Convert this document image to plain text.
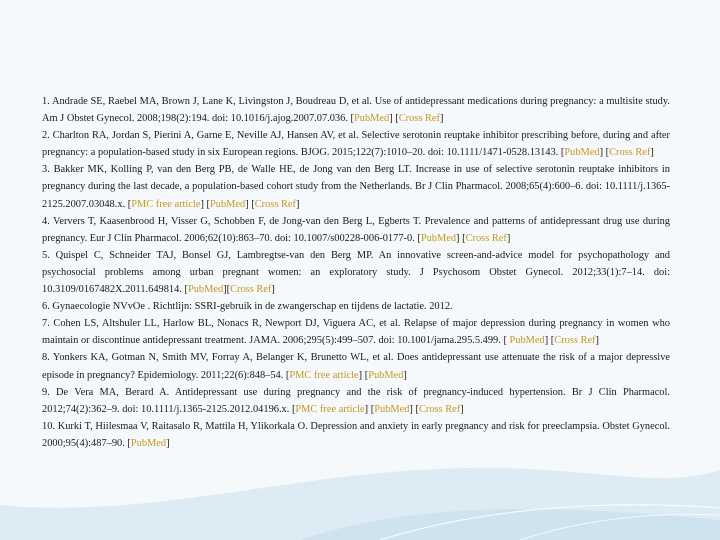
1. Andrade SE, Raebel MA, Brown J, Lane K, Livingston J, Boudreau D, et al. Use of antidepressant medications during pregnancy: a multisite study. Am J Obstet Gynecol. 2008;198(2):194. doi: 10.1016/j.ajog.2007.07.036. [PubMed] [Cross Ref]

2. Charlton RA, Jordan S, Pierini A, Garne E, Neville AJ, Hansen AV, et al. Selective serotonin reuptake inhibitor prescribing before, during and after pregnancy: a population-based study in six European regions. BJOG. 2015;122(7):1010–20. doi: 10.1111/1471-0528.13143. [PubMed] [Cross Ref]

3. Bakker MK, Kolling P, van den Berg PB, de Walle HE, de Jong van den Berg LT. Increase in use of selective serotonin reuptake inhibitors in pregnancy during the last decade, a population-based cohort study from the Netherlands. Br J Clin Pharmacol. 2008;65(4):600–6. doi: 10.1111/j.1365-2125.2007.03048.x. [PMC free article] [PubMed] [Cross Ref]

4. Ververs T, Kaasenbrood H, Visser G, Schobben F, de Jong-van den Berg L, Egberts T. Prevalence and patterns of antidepressant drug use during pregnancy. Eur J Clin Pharmacol. 2006;62(10):863–70. doi: 10.1007/s00228-006-0177-0. [PubMed] [Cross Ref]

5. Quispel C, Schneider TAJ, Bonsel GJ, Lambregtse-van den Berg MP. An innovative screen-and-advice model for psychopathology and psychosocial problems among urban pregnant women: an exploratory study. J Psychosom Obstet Gynecol. 2012;33(1):7–14. doi: 10.3109/0167482X.2011.649814. [PubMed][Cross Ref]

6. Gynaecologie NVvOe . Richtlijn: SSRI-gebruik in de zwangerschap en tijdens de lactatie. 2012.

7. Cohen LS, Altshuler LL, Harlow BL, Nonacs R, Newport DJ, Viguera AC, et al. Relapse of major depression during pregnancy in women who maintain or discontinue antidepressant treatment. JAMA. 2006;295(5):499–507. doi: 10.1001/jama.295.5.499. [ PubMed] [Cross Ref]

8. Yonkers KA, Gotman N, Smith MV, Forray A, Belanger K, Brunetto WL, et al. Does antidepressant use attenuate the risk of a major depressive episode in pregnancy? Epidemiology. 2011;22(6):848–54. [PMC free article] [PubMed]

9. De Vera MA, Berard A. Antidepressant use during pregnancy and the risk of pregnancy-induced hypertension. Br J Clin Pharmacol. 2012;74(2):362–9. doi: 10.1111/j.1365-2125.2012.04196.x. [PMC free article] [PubMed] [Cross Ref]

10. Kurki T, Hiilesmaa V, Raitasalo R, Mattila H, Ylikorkala O. Depression and anxiety in early pregnancy and risk for preeclampsia. Obstet Gynecol. 2000;95(4):487–90. [PubMed]
